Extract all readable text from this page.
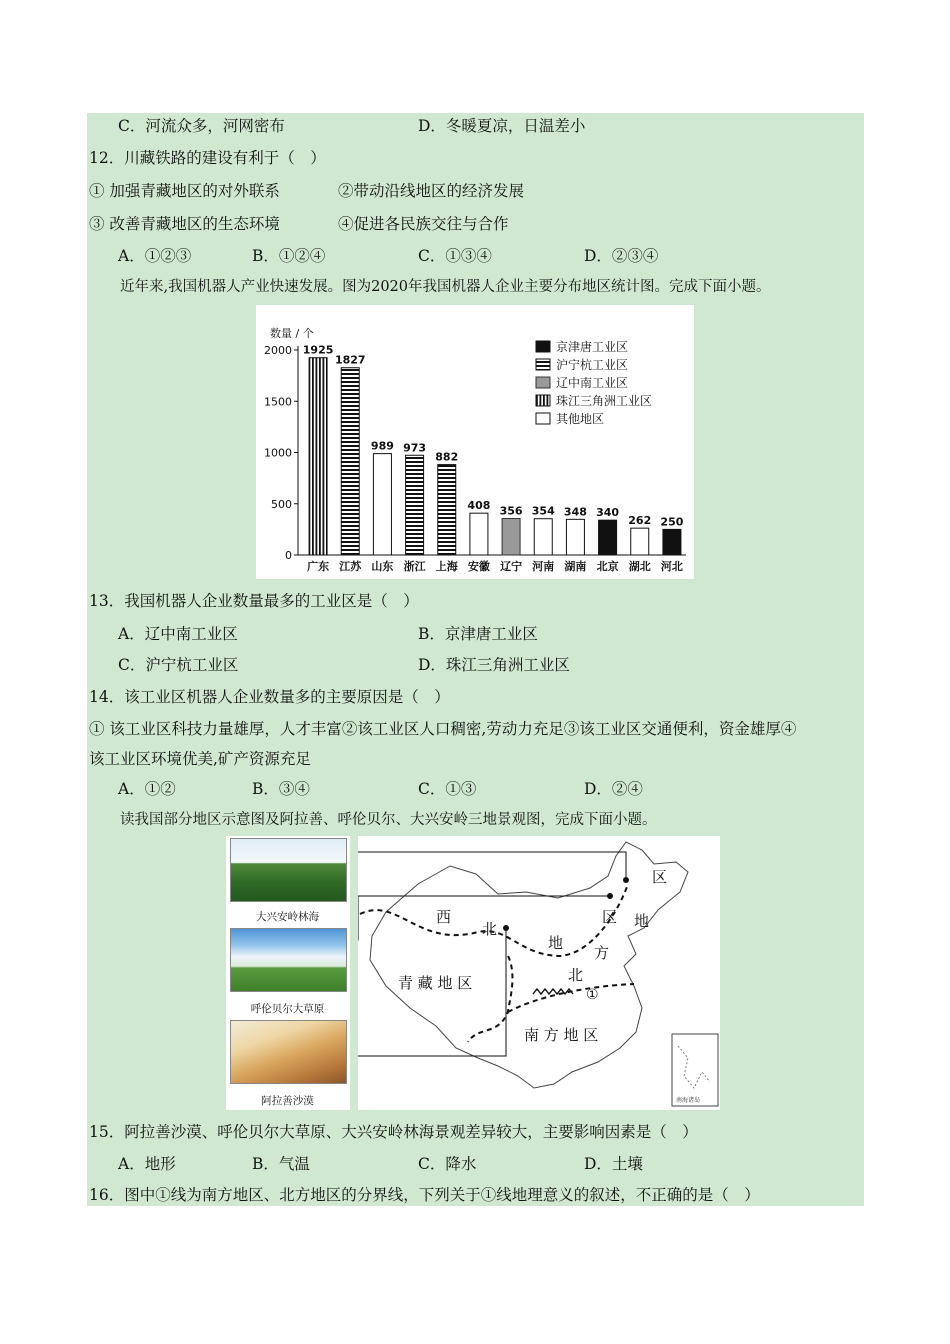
C．河流众多，河网密布	D．冬暖夏凉，日温差小
12．川藏铁路的建设有利于（　）
① 加强青藏地区的对外联系	②带动沿线地区的经济发展
③ 改善青藏地区的生态环境	④促进各民族交往与合作
A．①②③	B．①②④	C．①③④	D．②③④
近年来,我国机器人产业快速发展。图为2020年我国机器人企业主要分布地区统计图。完成下面小题。
数量 / 个
0
500
1000
1500
2000 1925
广东
1827
江苏
989
山东
973
浙江
882
上海
408
安徽
356
辽宁
354
河南
348
湖南
340
北京
262
湖北
250
河北
京津唐工业区
沪宁杭工业区
辽中南工业区
珠江三角洲工业区
其他地区
13．我国机器人企业数量最多的工业区是（　）
A．辽中南工业区	B．京津唐工业区
C．沪宁杭工业区	D．珠江三角洲工业区
14．该工业区机器人企业数量多的主要原因是（　）
① 该工业区科技力量雄厚，人才丰富②该工业区人口稠密,劳动力充足③该工业区交通便利，资金雄厚④
该工业区环境优美,矿产资源充足
A．①②	B．③④	C．①③	D．②④
读我国部分地区示意图及阿拉善、呼伦贝尔、大兴安岭三地景观图，完成下面小题。
大兴安岭林海
呼伦贝尔大草原
阿拉善沙漠
西
北
区
区 地
地
方
北
①
青 藏 地 区
南 方 地 区
南海诸岛
15．阿拉善沙漠、呼伦贝尔大草原、大兴安岭林海景观差异较大，主要影响因素是（　）
A．地形	B．气温	C．降水	D．土壤
16．图中①线为南方地区、北方地区的分界线，下列关于①线地理意义的叙述，不正确的是（　）
